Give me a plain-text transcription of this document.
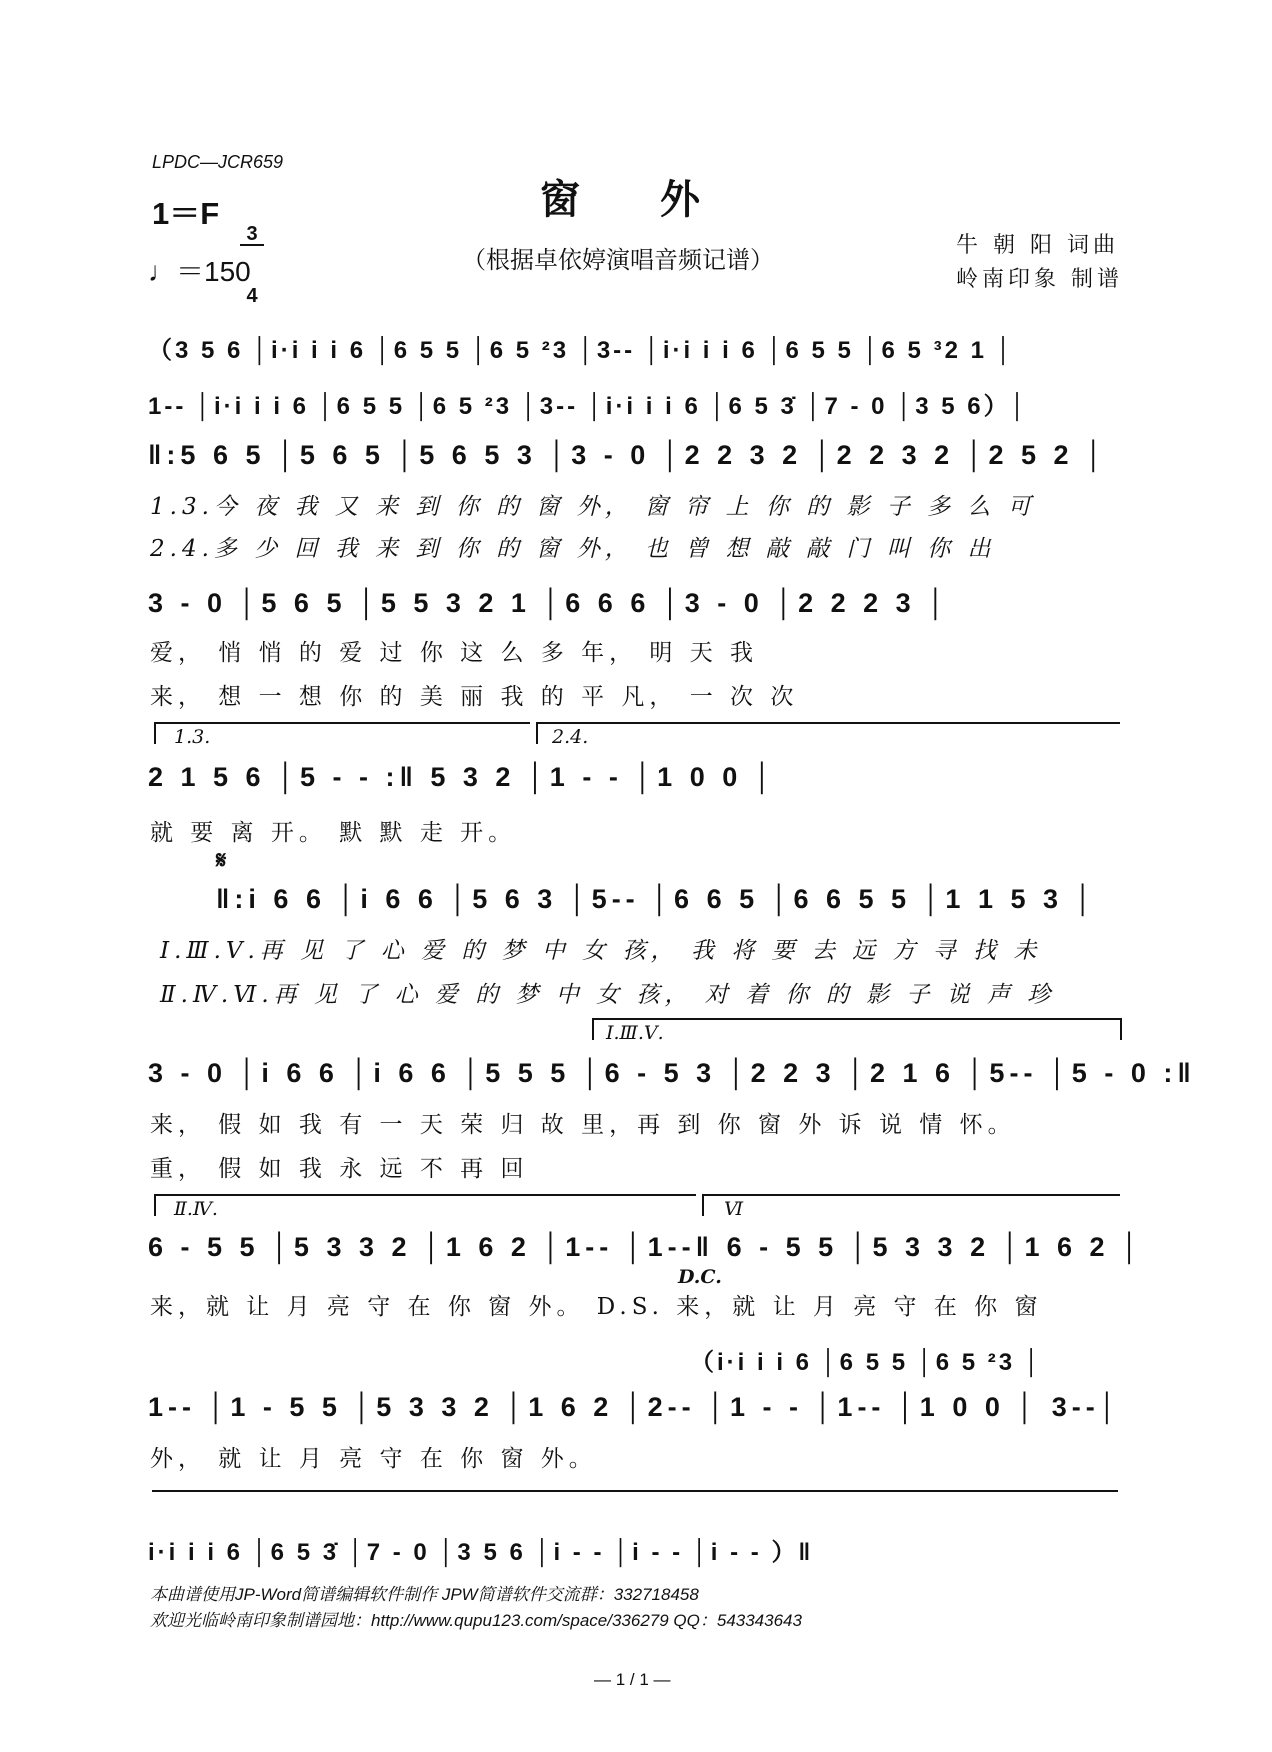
LPDC—JCR659
窗外
1＝F

3

4

♩＝150	（根据卓依婷演唱音频记谱）
牛 朝 阳 词曲
岭南印象 制谱
（3 5 6 │i·i i i 6 │6 5 5 │6 5 ²3 │3-- │i·i i i 6 │6 5 5 │6 5 ³2 1 │
1-- │i·i i i 6 │6 5 5 │6 5 ²3 │3-- │i·i i i 6 │6 5 3̇ │7 - 0 │3 5 6）│
‖:5 6 5 │5 6 5 │5 6 5 3 │3 - 0 │2 2 3 2 │2 2 3 2 │2 5 2 │
1.3.今 夜 我 又 来 到 你 的 窗 外， 窗 帘 上 你 的 影 子 多 么 可
2.4.多 少 回 我 来 到 你 的 窗 外， 也 曾 想 敲 敲 门 叫 你 出
3 - 0 │5 6 5 │5 5 3 2 1 │6 6 6 │3 - 0 │2 2 2 3 │
爱， 悄 悄 的 爱 过 你 这 么 多 年， 明 天 我
来， 想 一 想 你 的 美 丽 我 的 平 凡， 一 次 次
1.3.	2.4.
2 1 5 6 │5 - - :‖ 5 3 2 │1 - - │1 0 0 │
就 要 离 开。 默 默 走 开。
𝄋
‖:i 6 6 │i 6 6 │5 6 3 │5-- │6 6 5 │6 6 5 5 │1 1 5 3 │
Ⅰ.Ⅲ.Ⅴ.再 见 了 心 爱 的 梦 中 女 孩， 我 将 要 去 远 方 寻 找 未
Ⅱ.Ⅳ.Ⅵ.再 见 了 心 爱 的 梦 中 女 孩， 对 着 你 的 影 子 说 声 珍
Ⅰ.Ⅲ.Ⅴ.
3 - 0 │i 6 6 │i 6 6 │5 5 5 │6 - 5 3 │2 2 3 │2 1 6 │5-- │5 - 0 :‖
来， 假 如 我 有 一 天 荣 归 故 里，再 到 你 窗 外 诉 说 情 怀。
重， 假 如 我 永 远 不 再 回
Ⅱ.Ⅳ.	Ⅵ
6 - 5 5 │5 3 3 2 │1 6 2 │1-- │1--‖ 6 - 5 5 │5 3 3 2 │1 6 2 │
D.C.
来，就 让 月 亮 守 在 你 窗 外。 D.S. 来，就 让 月 亮 守 在 你 窗
（i·i i i 6 │6 5 5 │6 5 ²3 │
1-- │1 - 5 5 │5 3 3 2 │1 6 2 │2-- │1 - - │1-- │1 0 0 │ 3--│
外， 就 让 月 亮 守 在 你 窗 外。
i·i i i 6 │6 5 3̇ │7 - 0 │3 5 6 │i - - │i - - │i - - ）‖
本曲谱使用JP-Word简谱编辑软件制作 JPW简谱软件交流群：332718458
欢迎光临岭南印象制谱园地：http://www.qupu123.com/space/336279 QQ：543343643
— 1 / 1 —
